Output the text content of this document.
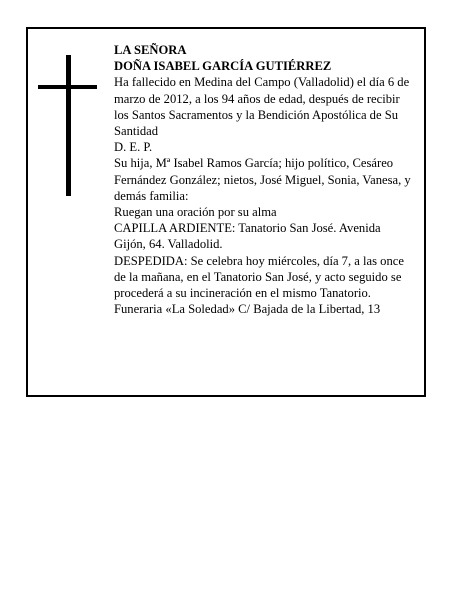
LA SEÑORA

DOÑA ISABEL GARCÍA GUTIÉRREZ

Ha fallecido en Medina del Campo (Valladolid) el día 6 de marzo de 2012, a los 94 años de edad, después de recibir los Santos Sacramentos y la Bendición Apostólica de Su Santidad

D. E. P.

Su hija, Mª Isabel Ramos García; hijo político, Cesáreo Fernández González; nietos, José Miguel, Sonia, Vanesa, y demás familia:

Ruegan una oración por su alma

CAPILLA ARDIENTE: Tanatorio San José. Avenida Gijón, 64. Valladolid.

DESPEDIDA: Se celebra hoy miércoles, día 7, a las once de la mañana, en el Tanatorio San José, y acto seguido se procederá a su incineración en el mismo Tanatorio.

Funeraria «La Soledad» C/ Bajada de la Libertad, 13
